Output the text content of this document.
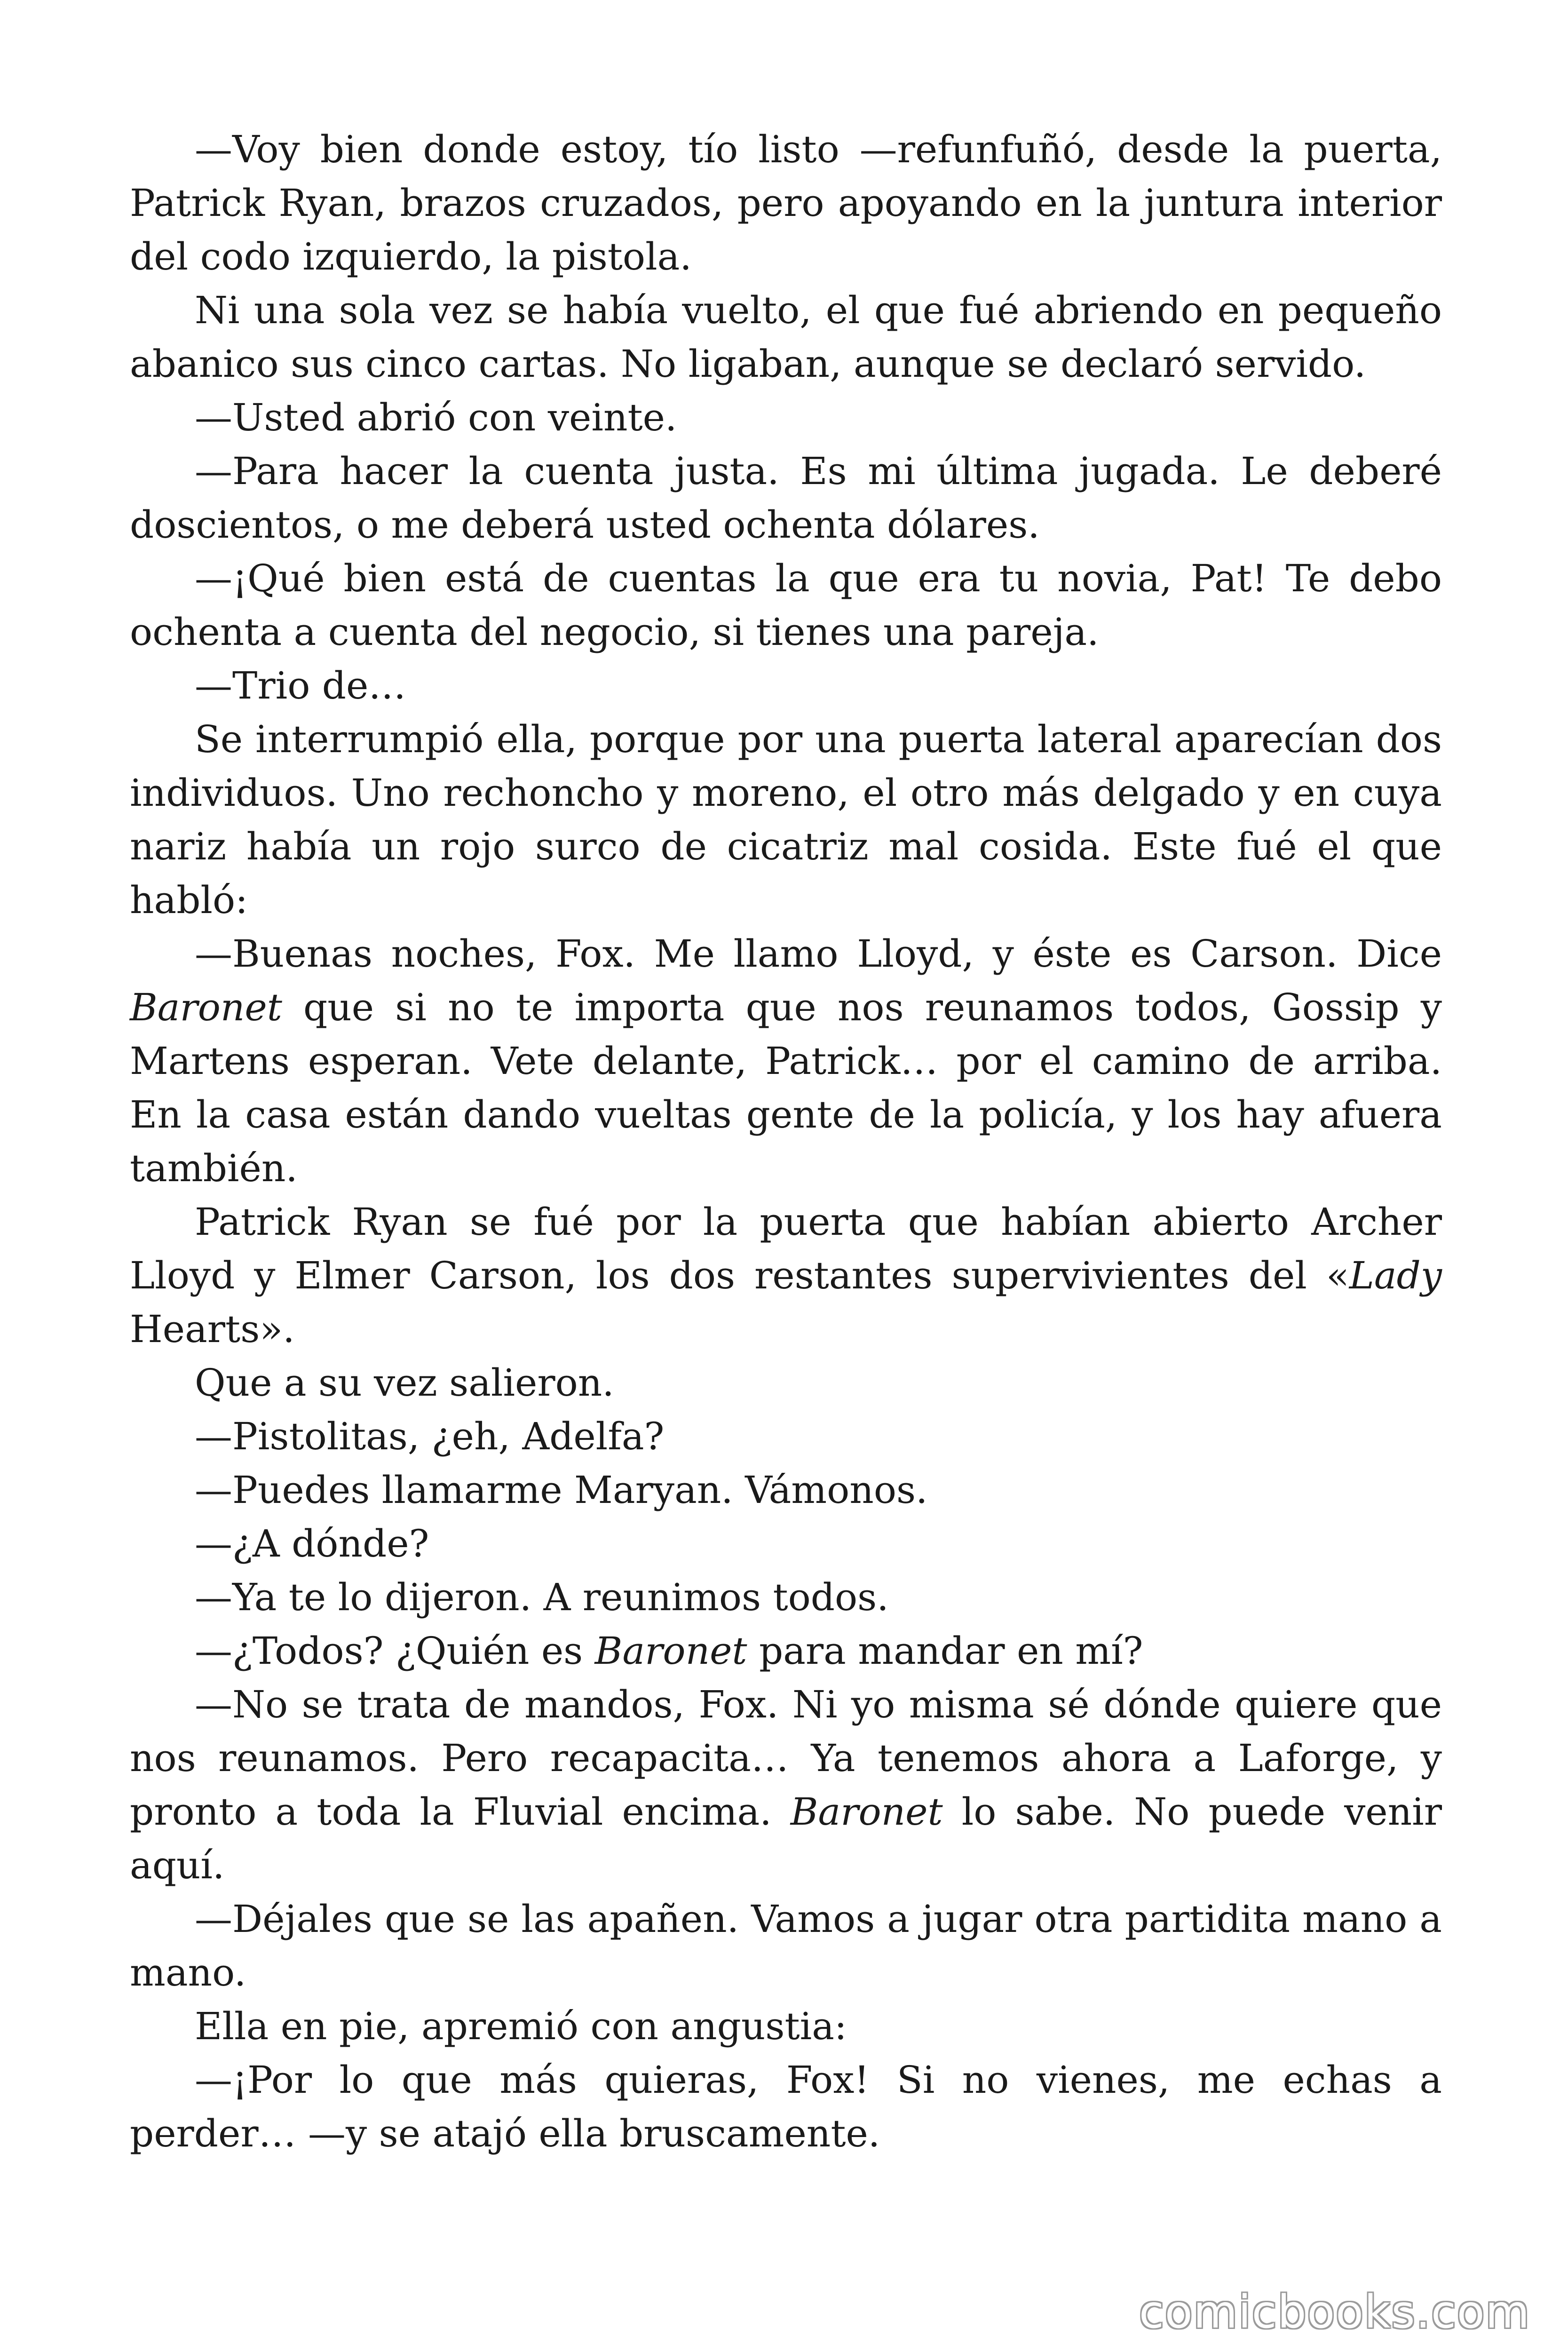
—Voy bien donde estoy, tío listo —refunfuñó, desde la puerta, Patrick Ryan, brazos cruzados, pero apoyando en la juntura interior del codo izquierdo, la pistola.

Ni una sola vez se había vuelto, el que fué abriendo en pequeño abanico sus cinco cartas. No ligaban, aunque se declaró servido.

—Usted abrió con veinte.

—Para hacer la cuenta justa. Es mi última jugada. Le deberé doscientos, o me deberá usted ochenta dólares.

—¡Qué bien está de cuentas la que era tu novia, Pat! Te debo ochenta a cuenta del negocio, si tienes una pareja.

—Trio de…

Se interrumpió ella, porque por una puerta lateral aparecían dos individuos. Uno rechoncho y moreno, el otro más delgado y en cuya nariz había un rojo surco de cicatriz mal cosida. Este fué el que habló:

—Buenas noches, Fox. Me llamo Lloyd, y éste es Carson. Dice Baronet que si no te importa que nos reunamos todos, Gossip y Martens esperan. Vete delante, Patrick… por el camino de arriba. En la casa están dando vueltas gente de la policía, y los hay afuera también.

Patrick Ryan se fué por la puerta que habían abierto Archer Lloyd y Elmer Carson, los dos restantes supervivientes del «Lady Hearts».

Que a su vez salieron.

—Pistolitas, ¿eh, Adelfa?

—Puedes llamarme Maryan. Vámonos.

—¿A dónde?

—Ya te lo dijeron. A reunimos todos.

—¿Todos? ¿Quién es Baronet para mandar en mí?

—No se trata de mandos, Fox. Ni yo misma sé dónde quiere que nos reunamos. Pero recapacita… Ya tenemos ahora a Laforge, y pronto a toda la Fluvial encima. Baronet lo sabe. No puede venir aquí.

—Déjales que se las apañen. Vamos a jugar otra partidita mano a mano.

Ella en pie, apremió con angustia:

—¡Por lo que más quieras, Fox! Si no vienes, me echas a perder… —y se atajó ella bruscamente.

comicbooks.com
